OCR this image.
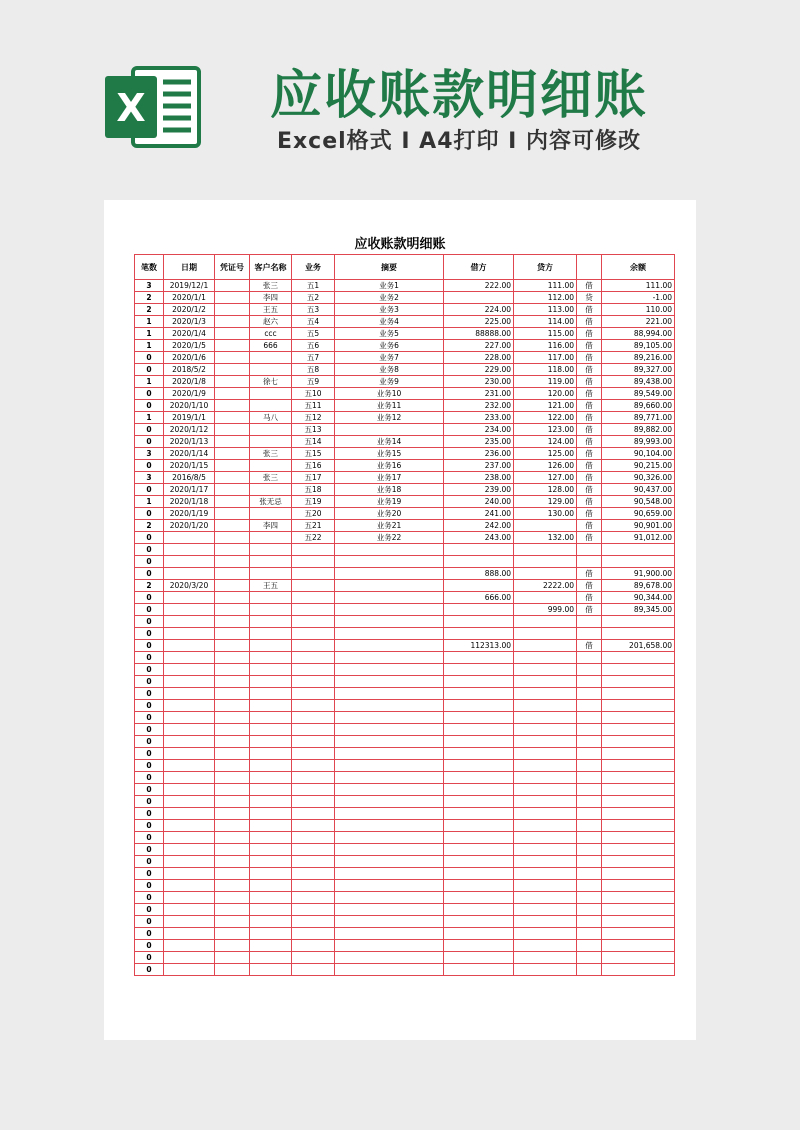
X	应收账款明细账
Excel格式 I A4打印 I 内容可修改
应收账款明细账
笔数	日期	凭证号	客户名称	业务	摘要	借方	贷方		余额
3	2019/12/1		张三	五1	业务1	222.00	111.00	借	111.00
2	2020/1/1		李四	五2	业务2		112.00	贷	-1.00
2	2020/1/2		王五	五3	业务3	224.00	113.00	借	110.00
1	2020/1/3		赵六	五4	业务4	225.00	114.00	借	221.00
1	2020/1/4		ccc	五5	业务5	88888.00	115.00	借	88,994.00
1	2020/1/5		666	五6	业务6	227.00	116.00	借	89,105.00
0	2020/1/6			五7	业务7	228.00	117.00	借	89,216.00
0	2018/5/2			五8	业务8	229.00	118.00	借	89,327.00
1	2020/1/8		徐七	五9	业务9	230.00	119.00	借	89,438.00
0	2020/1/9			五10	业务10	231.00	120.00	借	89,549.00
0	2020/1/10			五11	业务11	232.00	121.00	借	89,660.00
1	2019/1/1		马八	五12	业务12	233.00	122.00	借	89,771.00
0	2020/1/12			五13		234.00	123.00	借	89,882.00
0	2020/1/13			五14	业务14	235.00	124.00	借	89,993.00
3	2020/1/14		张三	五15	业务15	236.00	125.00	借	90,104.00
0	2020/1/15			五16	业务16	237.00	126.00	借	90,215.00
3	2016/8/5		张三	五17	业务17	238.00	127.00	借	90,326.00
0	2020/1/17			五18	业务18	239.00	128.00	借	90,437.00
1	2020/1/18		张无忌	五19	业务19	240.00	129.00	借	90,548.00
0	2020/1/19			五20	业务20	241.00	130.00	借	90,659.00
2	2020/1/20		李四	五21	业务21	242.00		借	90,901.00
0				五22	业务22	243.00	132.00	借	91,012.00
0									
0									
0						888.00		借	91,900.00
2	2020/3/20		王五				2222.00	借	89,678.00
0						666.00		借	90,344.00
0							999.00	借	89,345.00
0									
0									
0						112313.00		借	201,658.00
0									
0									
0									
0									
0									
0									
0									
0									
0									
0									
0									
0									
0									
0									
0									
0									
0									
0									
0									
0									
0									
0									
0									
0									
0									
0									
0									
